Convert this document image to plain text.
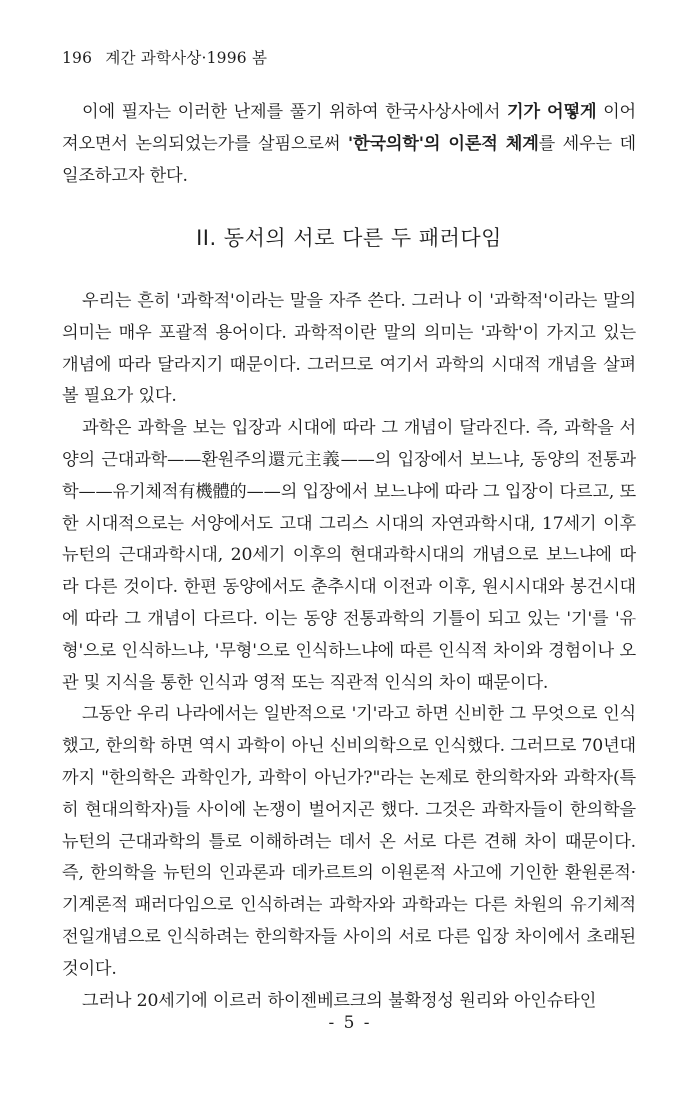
196 계간 과학사상·1996 봄

이에 필자는 이러한 난제를 풀기 위하여 한국사상사에서 기가 어떻게 이어져오면서 논의되었는가를 살핌으로써 '한국의학'의 이론적 체계를 세우는 데 일조하고자 한다.

II. 동서의 서로 다른 두 패러다임

우리는 흔히 '과학적'이라는 말을 자주 쓴다. 그러나 이 '과학적'이라는 말의 의미는 매우 포괄적 용어이다. 과학적이란 말의 의미는 '과학'이 가지고 있는 개념에 따라 달라지기 때문이다. 그러므로 여기서 과학의 시대적 개념을 살펴볼 필요가 있다.

과학은 과학을 보는 입장과 시대에 따라 그 개념이 달라진다. 즉, 과학을 서양의 근대과학——환원주의還元主義——의 입장에서 보느냐, 동양의 전통과학——유기체적有機體的——의 입장에서 보느냐에 따라 그 입장이 다르고, 또한 시대적으로는 서양에서도 고대 그리스 시대의 자연과학시대, 17세기 이후 뉴턴의 근대과학시대, 20세기 이후의 현대과학시대의 개념으로 보느냐에 따라 다른 것이다. 한편 동양에서도 춘추시대 이전과 이후, 원시시대와 봉건시대에 따라 그 개념이 다르다. 이는 동양 전통과학의 기틀이 되고 있는 '기'를 '유형'으로 인식하느냐, '무형'으로 인식하느냐에 따른 인식적 차이와 경험이나 오관 및 지식을 통한 인식과 영적 또는 직관적 인식의 차이 때문이다.

그동안 우리 나라에서는 일반적으로 '기'라고 하면 신비한 그 무엇으로 인식했고, 한의학 하면 역시 과학이 아닌 신비의학으로 인식했다. 그러므로 70년대까지 "한의학은 과학인가, 과학이 아닌가?"라는 논제로 한의학자와 과학자(특히 현대의학자)들 사이에 논쟁이 벌어지곤 했다. 그것은 과학자들이 한의학을 뉴턴의 근대과학의 틀로 이해하려는 데서 온 서로 다른 견해 차이 때문이다. 즉, 한의학을 뉴턴의 인과론과 데카르트의 이원론적 사고에 기인한 환원론적·기계론적 패러다임으로 인식하려는 과학자와 과학과는 다른 차원의 유기체적 전일개념으로 인식하려는 한의학자들 사이의 서로 다른 입장 차이에서 초래된 것이다.

그러나 20세기에 이르러 하이젠베르크의 불확정성 원리와 아인슈타인

- 5 -
